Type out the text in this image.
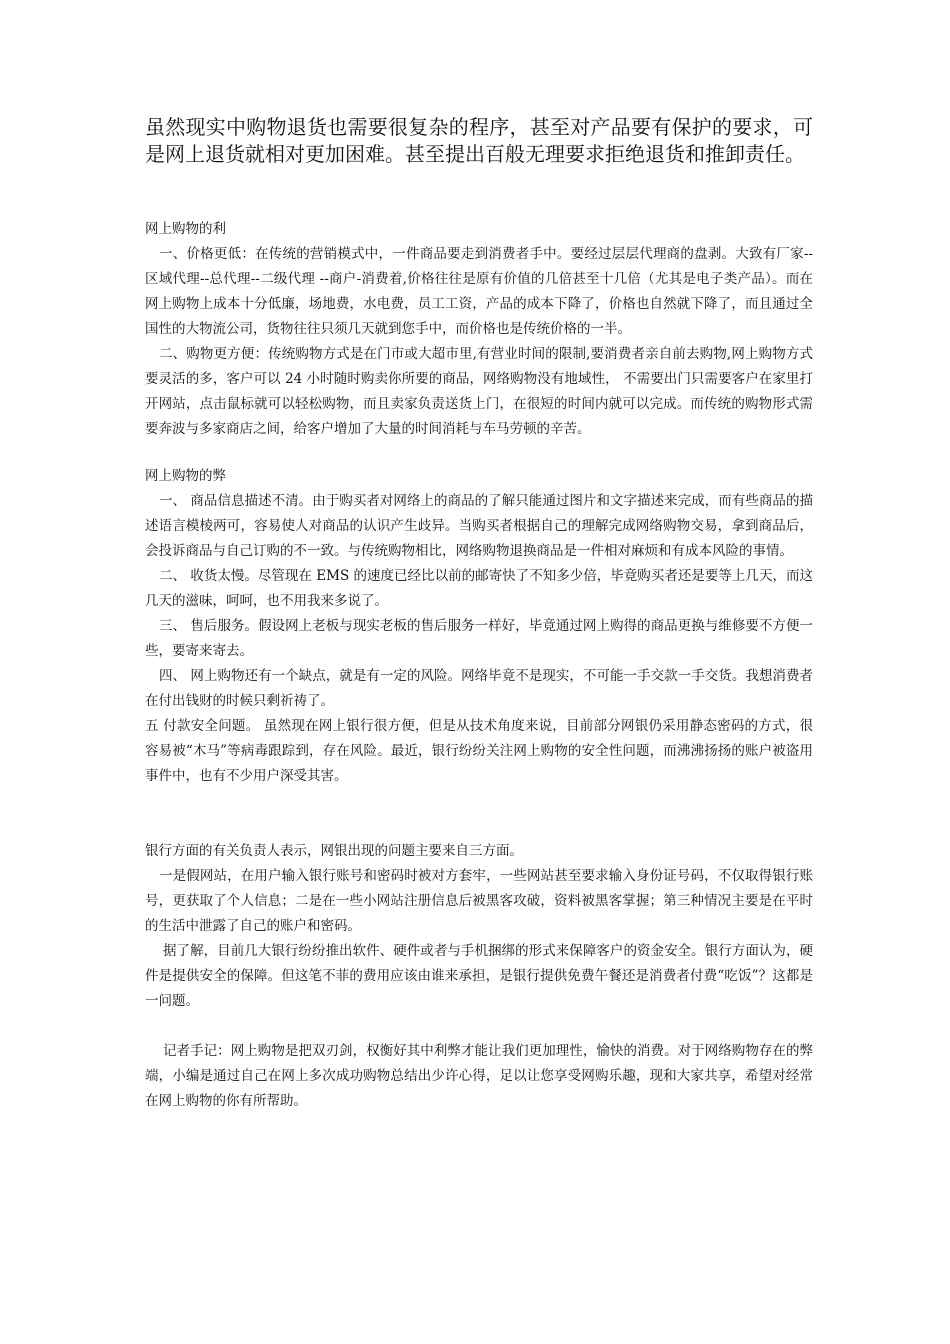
虽然现实中购物退货也需要很复杂的程序，甚至对产品要有保护的要求，可是网上退货就相对更加困难。甚至提出百般无理要求拒绝退货和推卸责任。

网上购物的利

一、价格更低：在传统的营销模式中，一件商品要走到消费者手中。要经过层层代理商的盘剥。大致有厂家--区域代理--总代理--二级代理 --商户-消费着,价格往往是原有价值的几倍甚至十几倍（尤其是电子类产品）。而在网上购物上成本十分低廉，场地费，水电费，员工工资，产品的成本下降了，价格也自然就下降了，而且通过全国性的大物流公司，货物往往只须几天就到您手中，而价格也是传统价格的一半。

二、购物更方便：传统购物方式是在门市或大超市里,有营业时间的限制,要消费者亲自前去购物,网上购物方式要灵活的多，客户可以 24 小时随时购卖你所要的商品，网络购物没有地域性， 不需要出门只需要客户在家里打开网站，点击鼠标就可以轻松购物，而且卖家负责送货上门，在很短的时间内就可以完成。而传统的购物形式需要奔波与多家商店之间，给客户增加了大量的时间消耗与车马劳顿的辛苦。

网上购物的弊

一、 商品信息描述不清。由于购买者对网络上的商品的了解只能通过图片和文字描述来完成，而有些商品的描述语言模棱两可，容易使人对商品的认识产生歧异。当购买者根据自己的理解完成网络购物交易，拿到商品后，会投诉商品与自己订购的不一致。与传统购物相比，网络购物退换商品是一件相对麻烦和有成本风险的事情。

二、 收货太慢。尽管现在 EMS 的速度已经比以前的邮寄快了不知多少倍，毕竟购买者还是要等上几天，而这几天的滋味，呵呵，也不用我来多说了。

三、 售后服务。假设网上老板与现实老板的售后服务一样好，毕竟通过网上购得的商品更换与维修要不方便一些，要寄来寄去。

四、 网上购物还有一个缺点，就是有一定的风险。网络毕竟不是现实，不可能一手交款一手交货。我想消费者在付出钱财的时候只剩祈祷了。

五 付款安全问题。 虽然现在网上银行很方便，但是从技术角度来说，目前部分网银仍采用静态密码的方式，很容易被“木马”等病毒跟踪到，存在风险。最近，银行纷纷关注网上购物的安全性问题，而沸沸扬扬的账户被盗用事件中，也有不少用户深受其害。

银行方面的有关负责人表示，网银出现的问题主要来自三方面。

一是假网站，在用户输入银行账号和密码时被对方套牢，一些网站甚至要求输入身份证号码，不仅取得银行账号，更获取了个人信息；二是在一些小网站注册信息后被黑客攻破，资料被黑客掌握；第三种情况主要是在平时的生活中泄露了自己的账户和密码。

据了解，目前几大银行纷纷推出软件、硬件或者与手机捆绑的形式来保障客户的资金安全。银行方面认为，硬件是提供安全的保障。但这笔不菲的费用应该由谁来承担，是银行提供免费午餐还是消费者付费“吃饭”？这都是一问题。

记者手记：网上购物是把双刃剑，权衡好其中利弊才能让我们更加理性，愉快的消费。对于网络购物存在的弊端，小编是通过自己在网上多次成功购物总结出少许心得，足以让您享受网购乐趣，现和大家共享，希望对经常在网上购物的你有所帮助。
